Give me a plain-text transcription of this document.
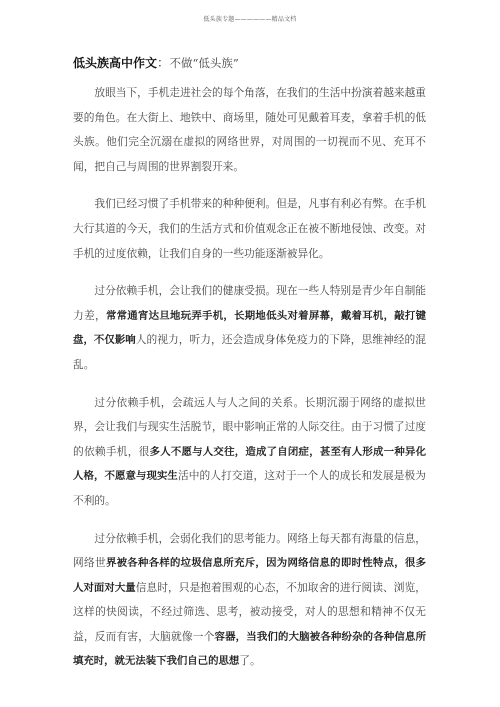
低头族专题——————精品文档
低头族高中作文：不做“低头族”

放眼当下，手机走进社会的每个角落，在我们的生活中扮演着越来越重要的角色。在大街上、地铁中、商场里，随处可见戴着耳麦，拿着手机的低头族。他们完全沉溺在虚拟的网络世界，对周围的一切视而不见、充耳不闻，把自己与周围的世界割裂开来。

我们已经习惯了手机带来的种种便利。但是，凡事有利必有弊。在手机大行其道的今天，我们的生活方式和价值观念正在被不断地侵蚀、改变。对手机的过度依赖，让我们自身的一些功能逐渐被异化。

过分依赖手机，会让我们的健康受损。现在一些人特别是青少年自制能力差，常常通宵达旦地玩弄手机，长期地低头对着屏幕，戴着耳机，敲打键盘，不仅影响人的视力，听力，还会造成身体免疫力的下降，思维神经的混乱。

过分依赖手机，会疏远人与人之间的关系。长期沉溺于网络的虚拟世界，会让我们与现实生活脱节，眼中影响正常的人际交往。由于习惯了过度的依赖手机，很多人不愿与人交往，造成了自闭症，甚至有人形成一种异化人格，不愿意与现实生活中的人打交道，这对于一个人的成长和发展是极为不利的。

过分依赖手机，会弱化我们的思考能力。网络上每天都有海量的信息，网络世界被各种各样的垃圾信息所充斥，因为网络信息的即时性特点，很多人对面对大量信息时，只是抱着围观的心态，不加取舍的进行阅读、浏览，这样的快阅读，不经过筛选、思考，被动接受，对人的思想和精神不仅无益，反而有害，大脑就像一个容器，当我们的大脑被各种纷杂的各种信息所填充时，就无法装下我们自己的思想了。
